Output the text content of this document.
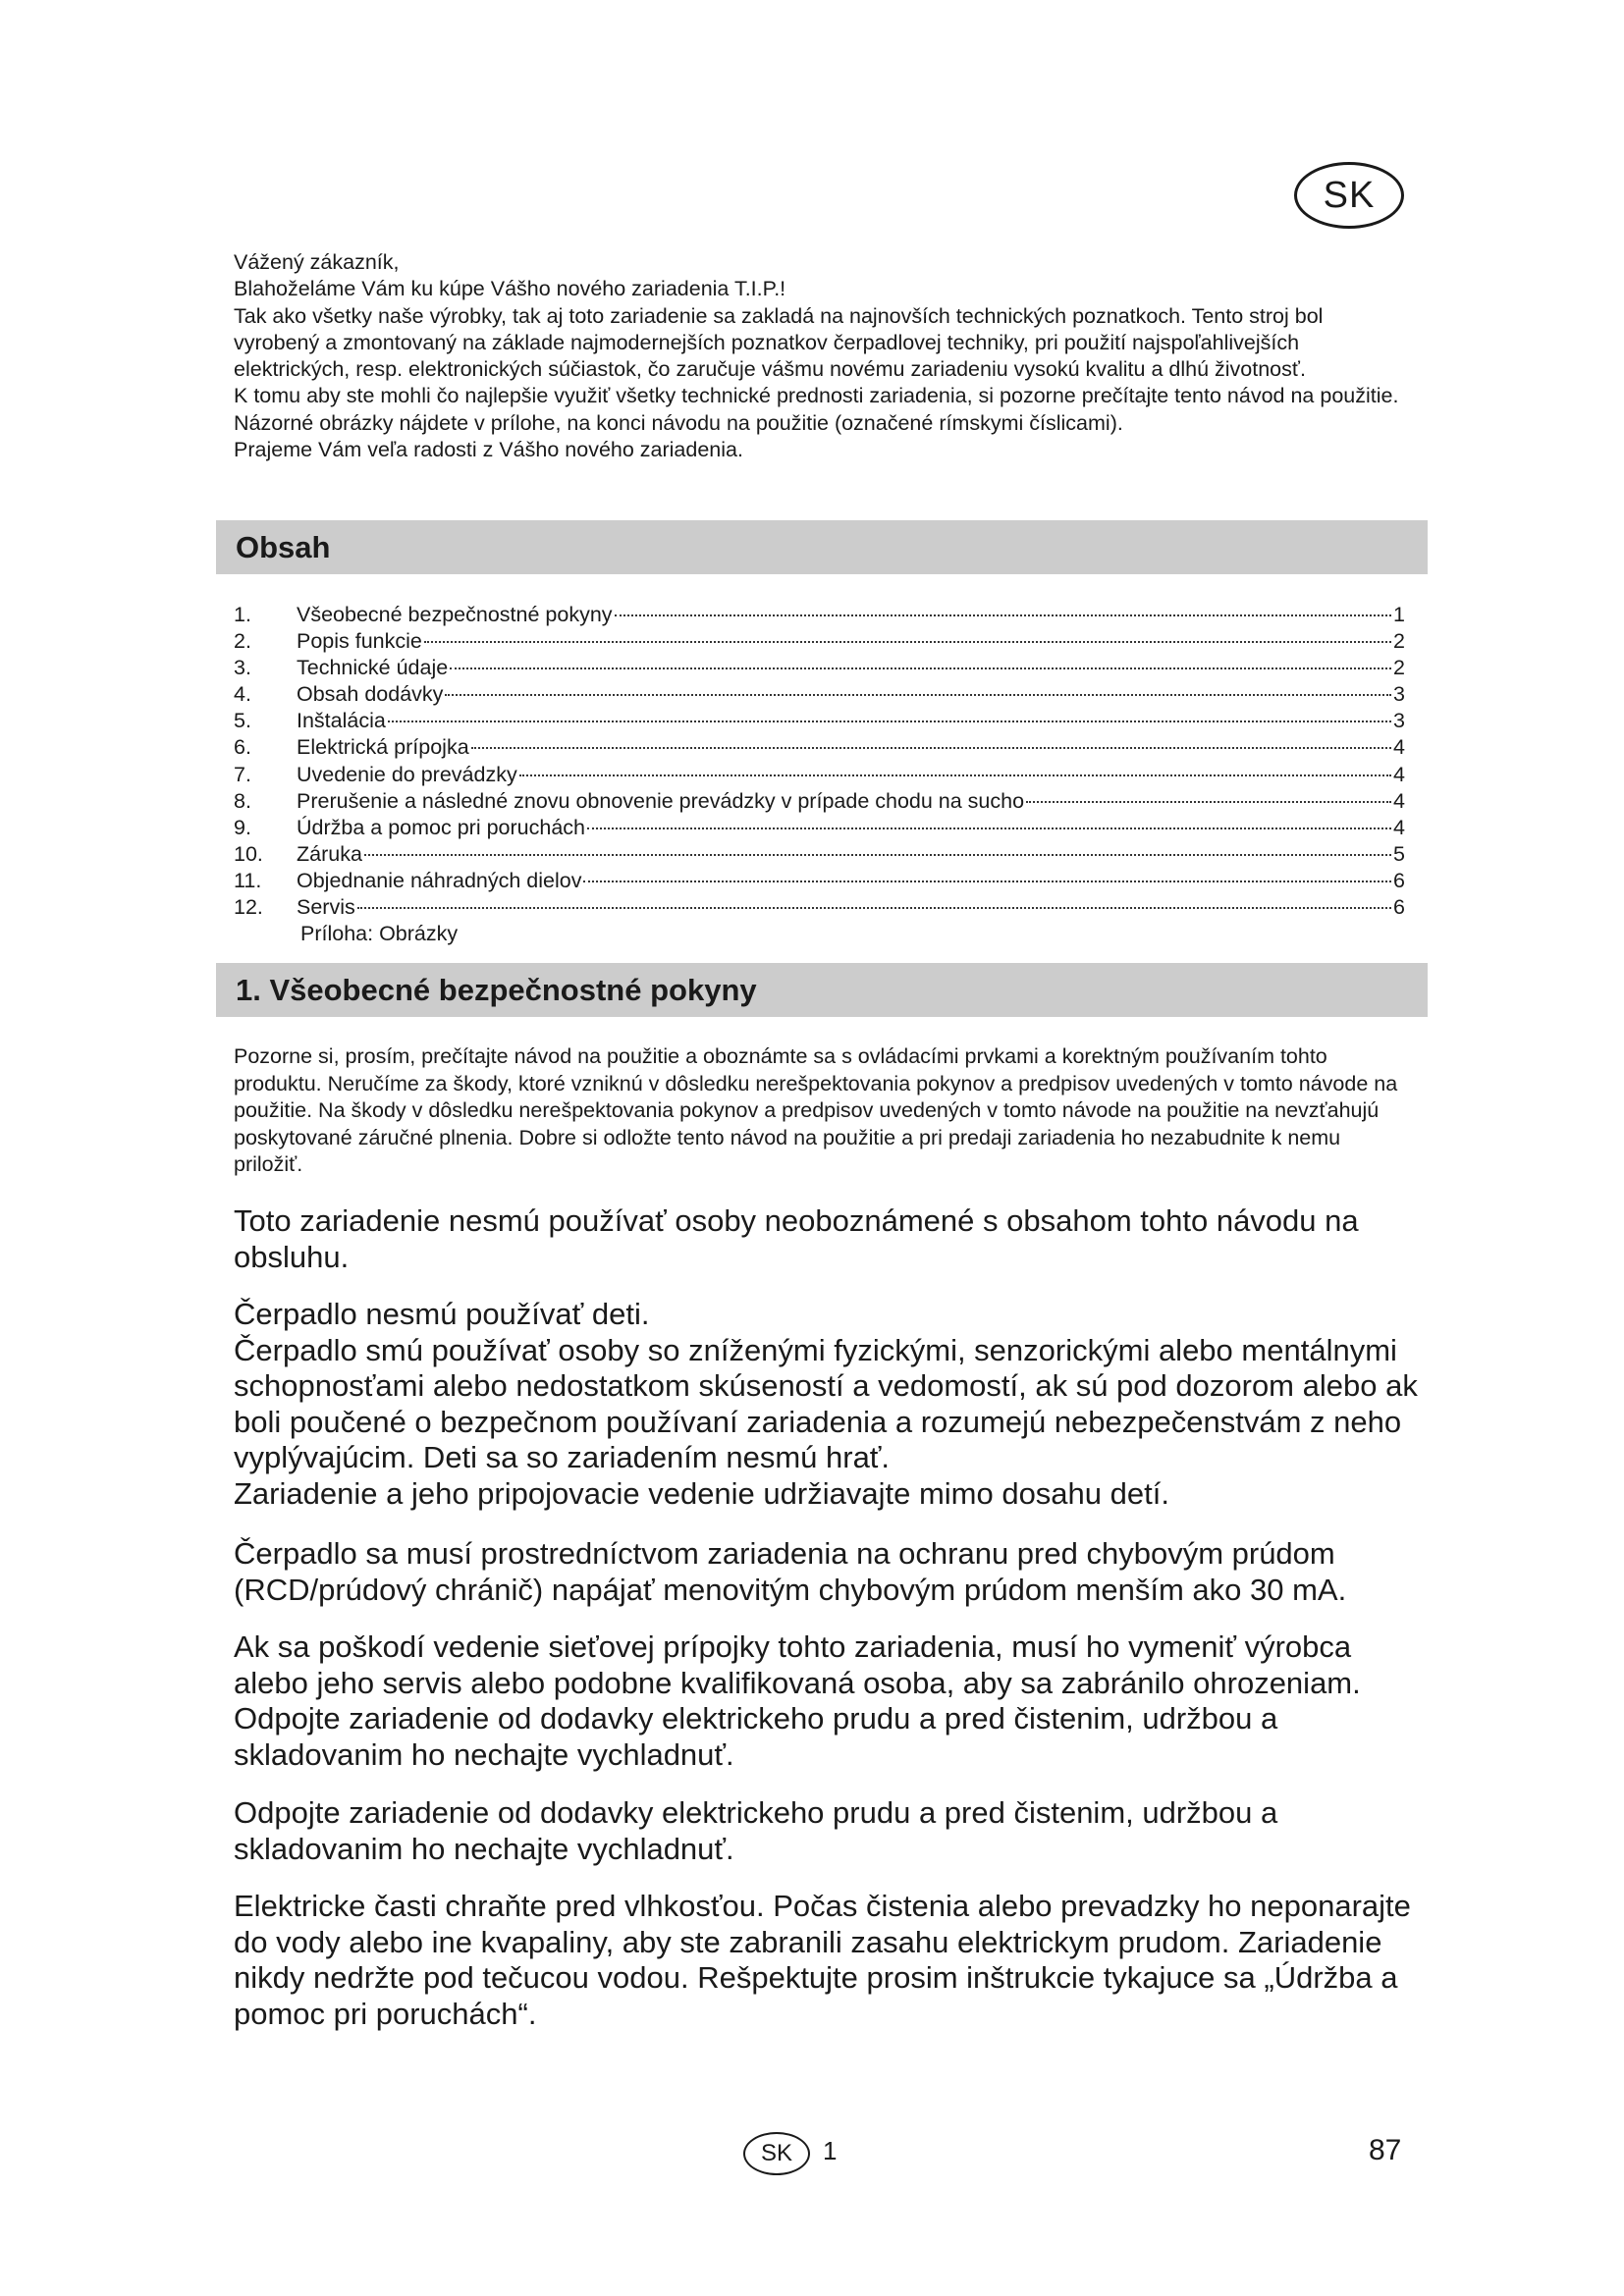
SK

Vážený zákazník,

Blahoželáme Vám ku kúpe Vášho nového zariadenia T.I.P.!

Tak ako všetky naše výrobky, tak aj toto zariadenie sa zakladá na najnovších technických poznatkoch. Tento stroj bol vyrobený a zmontovaný na základe najmodernejších poznatkov čerpadlovej techniky, pri použití najspoľahlivejších elektrických, resp. elektronických súčiastok, čo zaručuje vášmu novému zariadeniu vysokú kvalitu a dlhú životnosť.

K tomu aby ste mohli čo najlepšie využiť všetky technické prednosti zariadenia, si pozorne prečítajte tento návod na použitie. Názorné obrázky nájdete v prílohe, na konci návodu na použitie (označené rímskymi číslicami).

Prajeme Vám veľa radosti z Vášho nového zariadenia.

Obsah
1.	Všeobecné bezpečnostné pokyny	1
2.	Popis funkcie	2
3.	Technické údaje	2
4.	Obsah dodávky	3
5.	Inštalácia	3
6.	Elektrická prípojka	4
7.	Uvedenie do prevádzky	4
8.	Prerušenie a následné znovu obnovenie prevádzky v prípade chodu na sucho	4
9.	Údržba a pomoc pri poruchách	4
10.	Záruka	5
11.	Objednanie náhradných dielov	6
12.	Servis	6
Príloha: Obrázky
1. Všeobecné bezpečnostné pokyny

Pozorne si, prosím, prečítajte návod na použitie a oboznámte sa s ovládacími prvkami a korektným používaním tohto produktu. Neručíme za škody, ktoré vzniknú v dôsledku nerešpektovania pokynov a predpisov uvedených v tomto návode na použitie. Na škody v dôsledku nerešpektovania pokynov a predpisov uvedených v tomto návode na použitie na nevzťahujú poskytované záručné plnenia. Dobre si odložte tento návod na použitie a pri predaji zariadenia ho nezabudnite k nemu priložiť.

Toto zariadenie nesmú používať osoby neoboznámené s obsahom tohto návodu na obsluhu.

Čerpadlo nesmú používať deti.

Čerpadlo smú používať osoby so zníženými fyzickými, senzorickými alebo mentálnymi schopnosťami alebo nedostatkom skúseností a vedomostí, ak sú pod dozorom alebo ak boli poučené o bezpečnom používaní zariadenia a rozumejú nebezpečenstvám z neho vyplývajúcim. Deti sa so zariadením nesmú hrať.

Zariadenie a jeho pripojovacie vedenie udržiavajte mimo dosahu detí.

Čerpadlo sa musí prostredníctvom zariadenia na ochranu pred chybovým prúdom (RCD/prúdový chránič) napájať menovitým chybovým prúdom menším ako 30 mA.

Ak sa poškodí vedenie sieťovej prípojky tohto zariadenia, musí ho vymeniť výrobca alebo jeho servis alebo podobne kvalifikovaná osoba, aby sa zabránilo ohrozeniam.

Odpojte zariadenie od dodavky elektrickeho prudu a pred čistenim, udržbou a skladovanim ho nechajte vychladnuť.

Odpojte zariadenie od dodavky elektrickeho prudu a pred čistenim, udržbou a skladovanim ho nechajte vychladnuť.

Elektricke časti chraňte pred vlhkosťou. Počas čistenia alebo prevadzky ho neponarajte do vody alebo ine kvapaliny, aby ste zabranili zasahu elektrickym prudom. Zariadenie nikdy nedržte pod tečucou vodou. Rešpektujte prosim inštrukcie tykajuce sa „Údržba a pomoc pri poruchách“.

SK	1	87
